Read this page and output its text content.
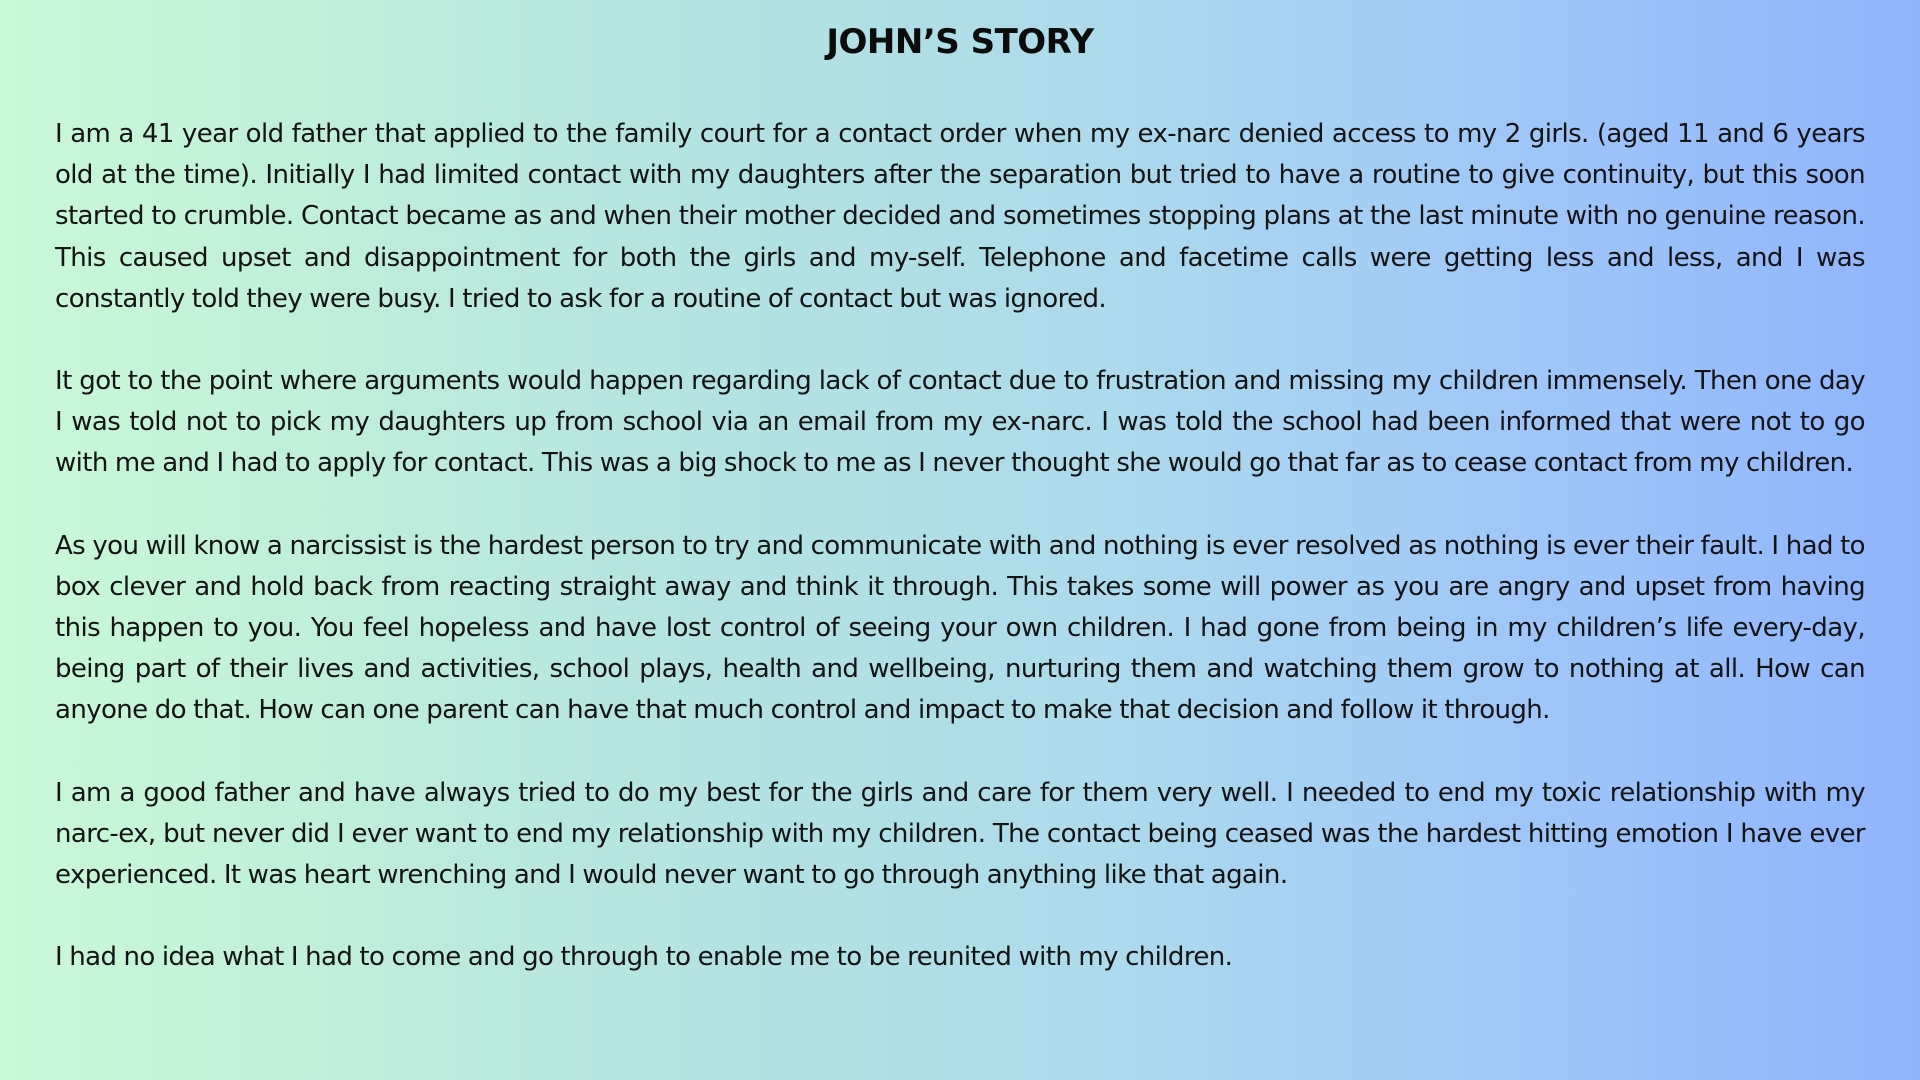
JOHN’S STORY

I am a 41 year old father that applied to the family court for a contact order when my ex-narc denied access to my 2 girls. (aged 11 and 6 years old at the time). Initially I had limited contact with my daughters after the separation but tried to have a routine to give continuity, but this soon started to crumble. Contact became as and when their mother decided and sometimes stopping plans at the last minute with no genuine reason. This caused upset and disappointment for both the girls and my-self. Telephone and facetime calls were getting less and less, and I was constantly told they were busy. I tried to ask for a routine of contact but was ignored.

It got to the point where arguments would happen regarding lack of contact due to frustration and missing my children immensely. Then one day I was told not to pick my daughters up from school via an email from my ex-narc. I was told the school had been informed that were not to go with me and I had to apply for contact. This was a big shock to me as I never thought she would go that far as to cease contact from my children.

As you will know a narcissist is the hardest person to try and communicate with and nothing is ever resolved as nothing is ever their fault. I had to box clever and hold back from reacting straight away and think it through. This takes some will power as you are angry and upset from having this happen to you. You feel hopeless and have lost control of seeing your own children. I had gone from being in my children’s life every-day, being part of their lives and activities, school plays, health and wellbeing, nurturing them and watching them grow to nothing at all. How can anyone do that. How can one parent can have that much control and impact to make that decision and follow it through.

I am a good father and have always tried to do my best for the girls and care for them very well. I needed to end my toxic relationship with my narc-ex, but never did I ever want to end my relationship with my children. The contact being ceased was the hardest hitting emotion I have ever experienced. It was heart wrenching and I would never want to go through anything like that again.

I had no idea what I had to come and go through to enable me to be reunited with my children.
